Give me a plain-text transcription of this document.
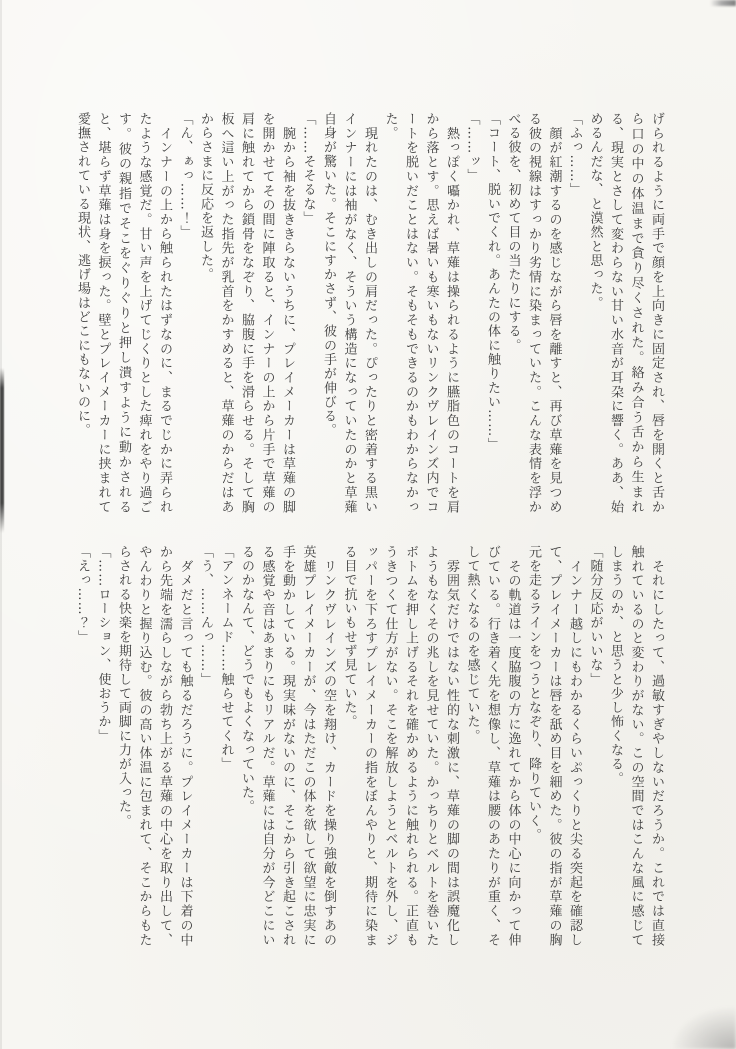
げられるように両手で顔を上向きに固定され、唇を開くと舌から口の中の体温まで貪り尽くされた。絡み合う舌から生まれる、現実とさして変わらない甘い水音が耳朶に響く。ああ、始めるんだな、と漠然と思った。

「ふっ……」

　顔が紅潮するのを感じながら唇を離すと、再び草薙を見つめる彼の視線はすっかり劣情に染まっていた。こんな表情を浮かべる彼を、初めて目の当たりにする。

「コート、脱いでくれ。あんたの体に触りたい……」

「……ッ」

　熱っぽく囁かれ、草薙は操られるように臙脂色のコートを肩から落とす。思えば暑いも寒いもないリンクヴレインズ内でコートを脱いだことはない。そもそもできるのかもわからなかった。

　現れたのは、むき出しの肩だった。ぴったりと密着する黒いインナーには袖がなく、そういう構造になっていたのかと草薙自身が驚いた。そこにすかさず、彼の手が伸びる。

「……そそるな」

　腕から袖を抜ききらないうちに、プレイメーカーは草薙の脚を開かせてその間に陣取ると、インナーの上から片手で草薙の肩に触れてから鎖骨をなぞり、脇腹に手を滑らせる。そして胸板へ這い上がった指先が乳首をかすめると、草薙のからだはあからさまに反応を返した。

「ん、ぁっ……！」

　インナーの上から触られたはずなのに、まるでじかに弄られたような感覚だ。甘い声を上げてじくりとした痺れをやり過ごす。彼の親指でそこをぐりぐりと押し潰すように動かされると、堪らず草薙は身を捩った。壁とプレイメーカーに挟まれて愛撫されている現状、逃げ場はどこにもないのに。

　それにしたって、過敏すぎやしないだろうか。これでは直接触れているのと変わりがない。この空間ではこんな風に感じてしまうのか、と思うと少し怖くなる。

「随分反応がいいな」

　インナー越しにもわかるくらいぷっくりと尖る突起を確認して、プレイメーカーは唇を舐め目を細めた。彼の指が草薙の胸元を走るラインをつうとなぞり、降りていく。

　その軌道は一度脇腹の方に逸れてから体の中心に向かって伸びている。行き着く先を想像し、草薙は腰のあたりが重く、そして熱くなるのを感じていた。

　雰囲気だけではない性的な刺激に、草薙の脚の間は誤魔化しようもなくその兆しを見せていた。かっちりとベルトを巻いたボトムを押し上げるそれを確かめるように触れられる。正直もうきつくて仕方がない。そこを解放しようとベルトを外し、ジッパーを下ろすプレイメーカーの指をぼんやりと、期待に染まる目で抗いもせず見ていた。

　リンクヴレインズの空を翔け、カードを操り強敵を倒すあの英雄プレイメーカーが、今はただこの体を欲して欲望に忠実に手を動かしている。現実味がないのに、そこから引き起こされる感覚や音はあまりにもリアルだ。草薙には自分が今どこにいるのかなんて、どうでもよくなっていた。

「アンネームド……触らせてくれ」

「う、……んっ……」

　ダメだと言っても触るだろうに。プレイメーカーは下着の中から先端を濡らしながら勃ち上がる草薙の中心を取り出して、やんわりと握り込む。彼の高い体温に包まれて、そこからもたらされる快楽を期待して両脚に力が入った。

「……ローション、使おうか」

「えっ……？」
